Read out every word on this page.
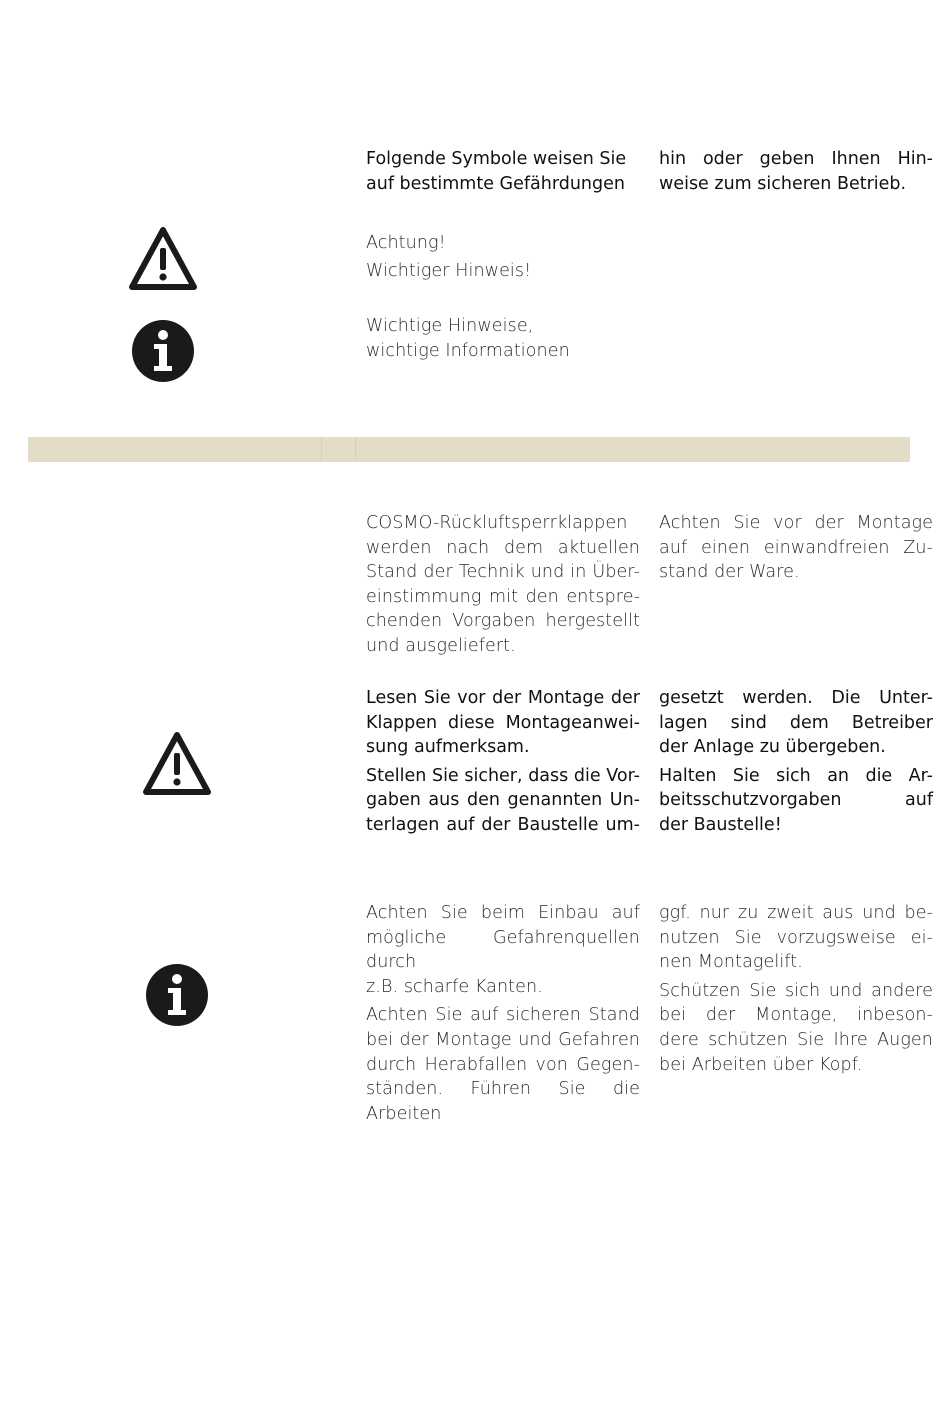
Folgende Symbole weisen Sie
auf bestimmte Gefährdungen
hin oder geben Ihnen Hin-
weise zum sicheren Betrieb.
Achtung!
Wichtiger Hinweis!
Wichtige Hinweise,
wichtige Informationen
COSMO-Rückluftsperrklappen
werden nach dem aktuellen
Stand der Technik und in Über-
einstimmung mit den entspre-
chenden Vorgaben hergestellt
und ausgeliefert.
Achten Sie vor der Montage
auf einen einwandfreien Zu-
stand der Ware.
Lesen Sie vor der Montage der
Klappen diese Montageanwei-
sung aufmerksam.
Stellen Sie sicher, dass die Vor-
gaben aus den genannten Un-
terlagen auf der Baustelle um-
gesetzt werden. Die Unter-
lagen sind dem Betreiber
der Anlage zu übergeben.
Halten Sie sich an die Ar-
beitsschutzvorgaben auf
der Baustelle!
Achten Sie beim Einbau auf
mögliche Gefahrenquellen durch
z.B. scharfe Kanten.
Achten Sie auf sicheren Stand
bei der Montage und Gefahren
durch Herabfallen von Gegen-
ständen. Führen Sie die Arbeiten
ggf. nur zu zweit aus und be-
nutzen Sie vorzugsweise ei-
nen Montagelift.
Schützen Sie sich und andere
bei der Montage, inbeson-
dere schützen Sie Ihre Augen
bei Arbeiten über Kopf.
